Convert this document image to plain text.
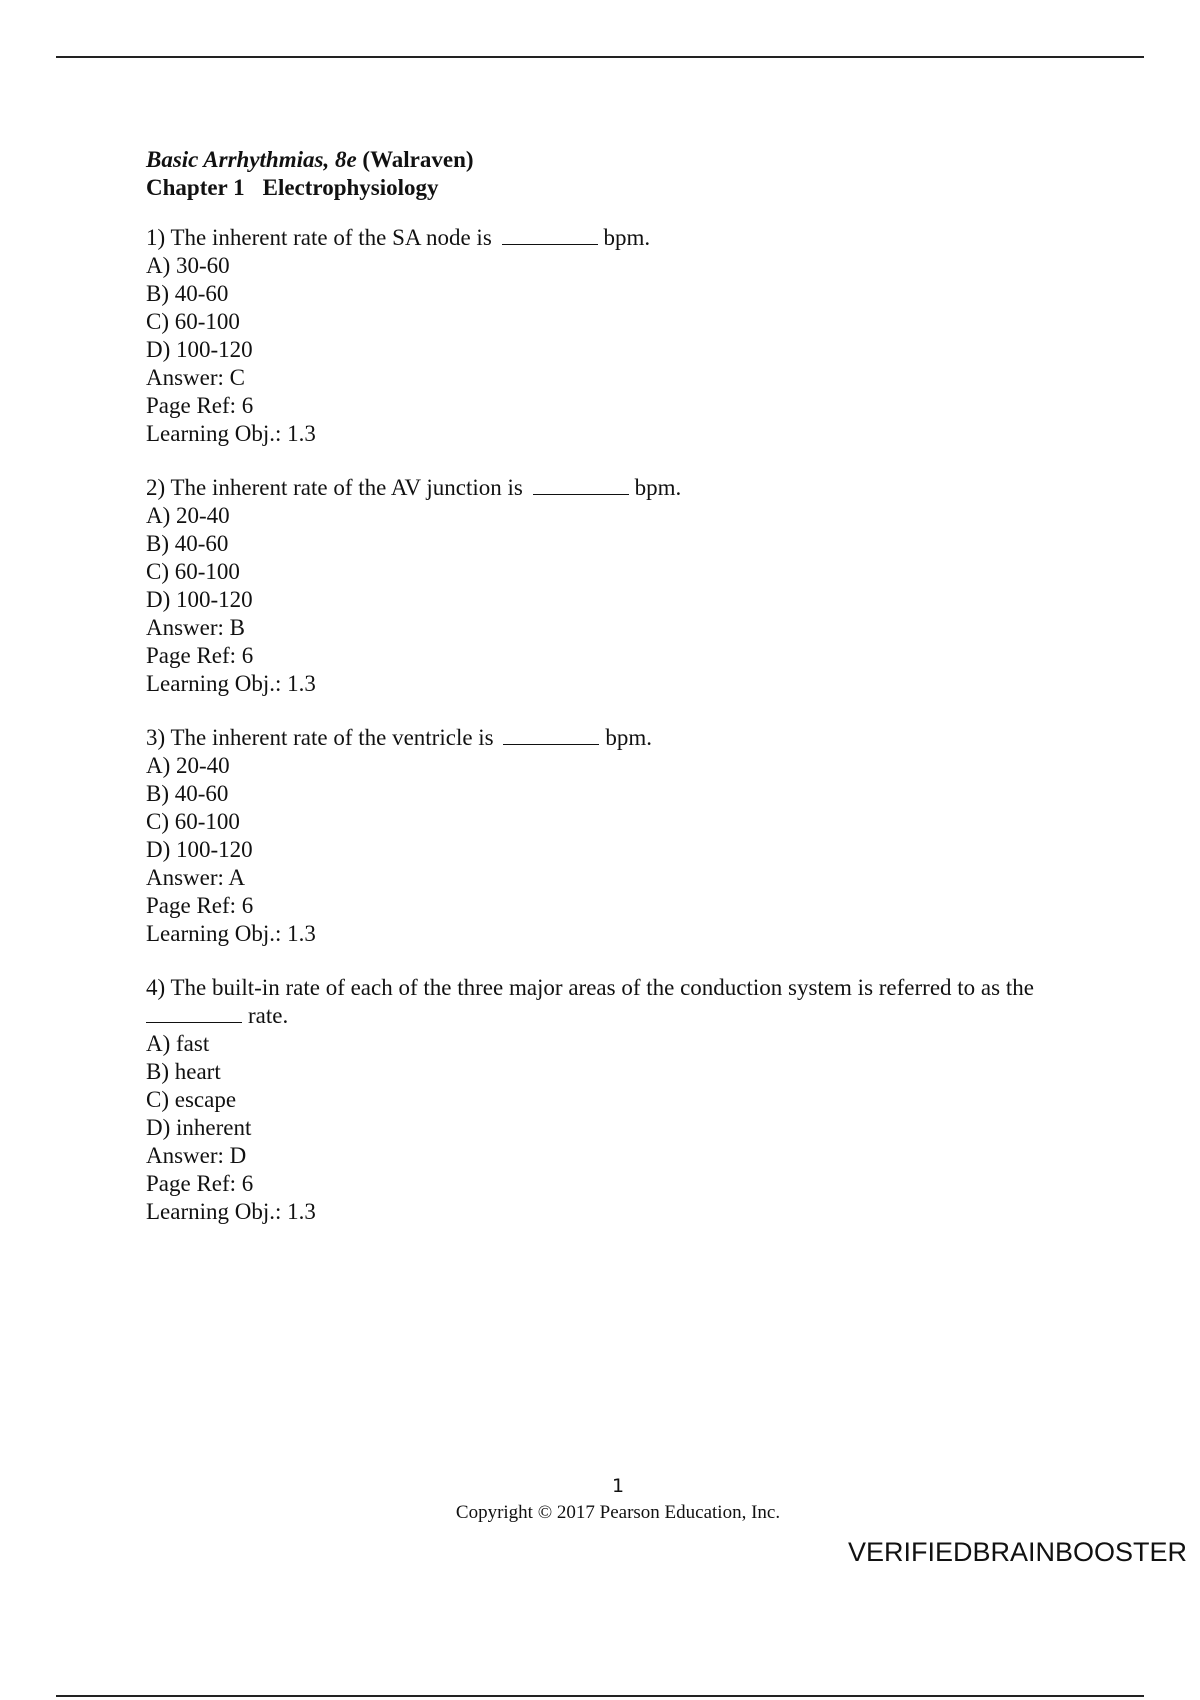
Basic Arrhythmias, 8e (Walraven)
Chapter 1 Electrophysiology
1) The inherent rate of the SA node is	bpm.
A) 30-60
B) 40-60
C) 60-100
D) 100-120
Answer: C
Page Ref: 6
Learning Obj.: 1.3
2) The inherent rate of the AV junction is	bpm.
A) 20-40
B) 40-60
C) 60-100
D) 100-120
Answer: B
Page Ref: 6
Learning Obj.: 1.3
3) The inherent rate of the ventricle is	bpm.
A) 20-40
B) 40-60
C) 60-100
D) 100-120
Answer: A
Page Ref: 6
Learning Obj.: 1.3
4) The built-in rate of each of the three major areas of the conduction system is referred to as the
rate.
A) fast
B) heart
C) escape
D) inherent
Answer: D
Page Ref: 6
Learning Obj.: 1.3
1
Copyright © 2017 Pearson Education, Inc.
VERIFIEDBRAINBOOSTER
